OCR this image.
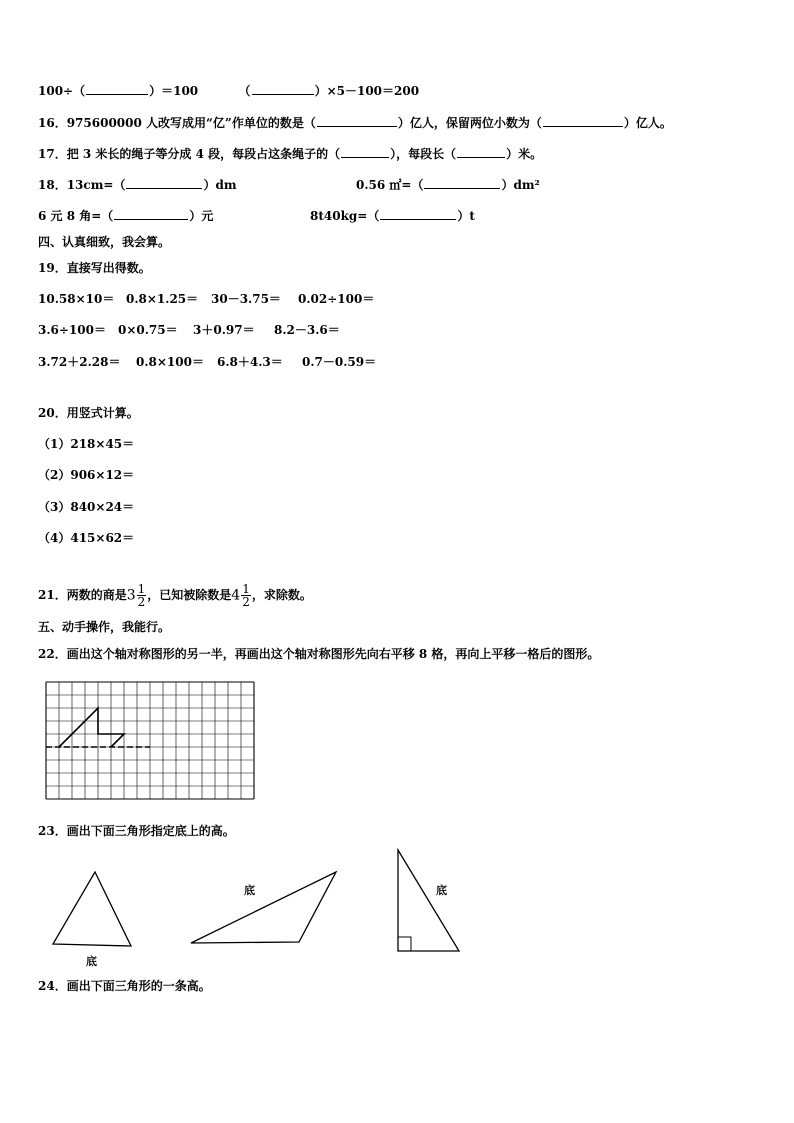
100÷（	）＝100	（	）×5－100＝200
16．975600000 人改写成用“亿”作单位的数是（	）亿人，保留两位小数为（	）亿人。
17．把 3 米长的绳子等分成 4 段，每段占这条绳子的（	），每段长（	）米。
18．13cm=（	）dm	0.56 ㎡=（	）dm²
6 元 8 角=（	）元	8t40kg=（	）t
四、认真细致，我会算。
19．直接写出得数。
10.58×10＝ 0.8×1.25＝ 30－3.75＝ 0.02÷100＝
3.6÷100＝ 0×0.75＝ 3＋0.97＝ 8.2－3.6＝
3.72＋2.28＝ 0.8×100＝ 6.8＋4.3＝ 0.7－0.59＝
20．用竖式计算。
（1）218×45＝
（2）906×12＝
（3）840×24＝
（4）415×62＝
21．两数的商是$3 \frac{1}{2}$ ，已知被除数是$4 \frac{1}{2}$ ，求除数。
五、动手操作，我能行。
22．画出这个轴对称图形的另一半，再画出这个轴对称图形先向右平移 8 格，再向上平移一格后的图形。
23．画出下面三角形指定底上的高。
底
底	底
24．画出下面三角形的一条高。
